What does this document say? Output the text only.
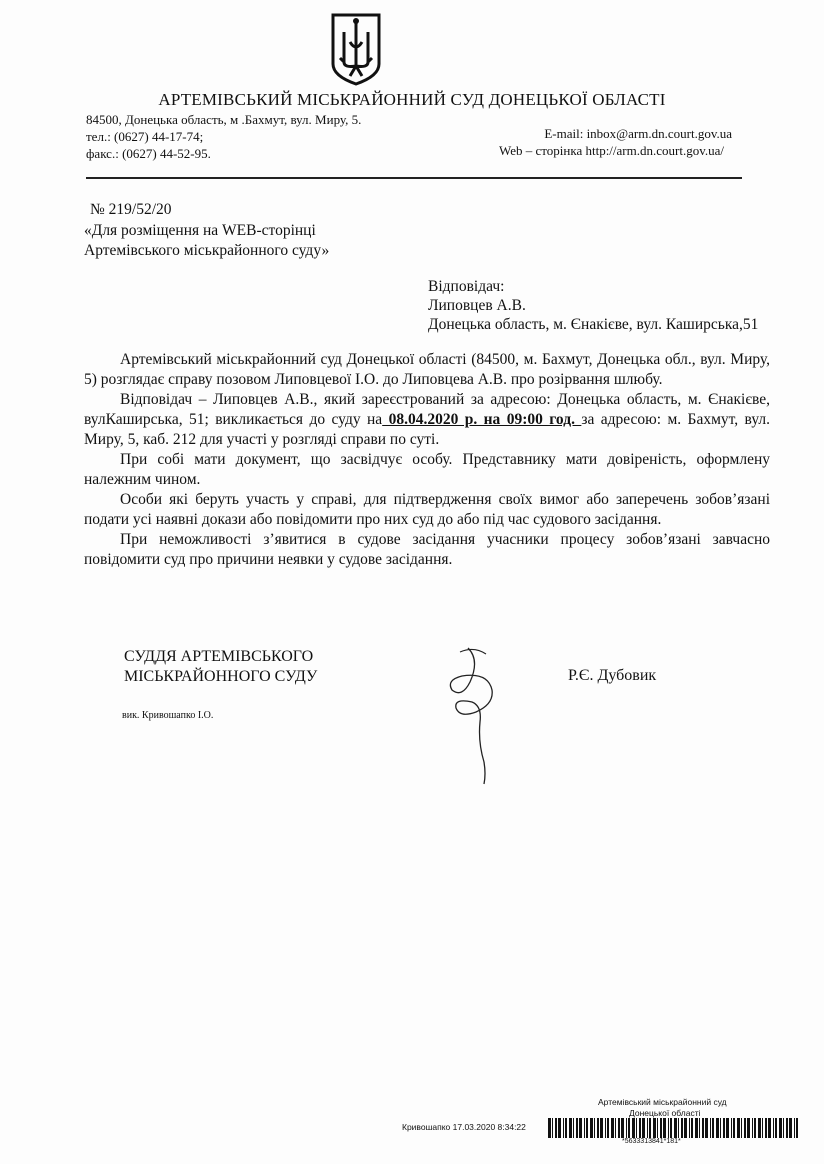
АРТЕМІВСЬКИЙ МІСЬКРАЙОННИЙ СУД ДОНЕЦЬКОЇ ОБЛАСТІ
84500, Донецька область, м .Бахмут, вул. Миру, 5.
тел.: (0627) 44-17-74;
факс.: (0627) 44-52-95.
E-mail: inbox@arm.dn.court.gov.ua
Web – сторінка http://arm.dn.court.gov.ua/
№ 219/52/20
«Для розміщення на WEB-сторінці
Артемівського міськрайонного суду»
Відповідач:
Липовцев А.В.
Донецька область, м. Єнакієве, вул. Каширська,51

Артемівський міськрайонний суд Донецької області (84500, м. Бахмут, Донецька обл., вул. Миру, 5) розглядає справу позовом Липовцевої І.О. до Липовцева А.В. про розірвання шлюбу.

Відповідач – Липовцев А.В., який зареєстрований за адресою: Донецька область, м. Єнакієве, вулКаширська, 51; викликається до суду на 08.04.2020 р. на 09:00 год. за адресою: м. Бахмут, вул. Миру, 5, каб. 212 для участі у розгляді справи по суті.

При собі мати документ, що засвідчує особу. Представнику мати довіреність, оформлену належним чином.

Особи які беруть участь у справі, для підтвердження своїх вимог або заперечень зобов’язані подати усі наявні докази або повідомити про них суд до або під час судового засідання.

При неможливості з’явитися в судове засідання учасники процесу зобов’язані завчасно повідомити суд про причини неявки у судове засідання.

СУДДЯ АРТЕМІВСЬКОГО
МІСЬКРАЙОННОГО СУДУ	Р.Є. Дубовик
вик. Кривошапко І.О.
Артемівський міськрайонний суд
Донецької області
Кривошапко 17.03.2020 8:34:22
*5633313841*181*
